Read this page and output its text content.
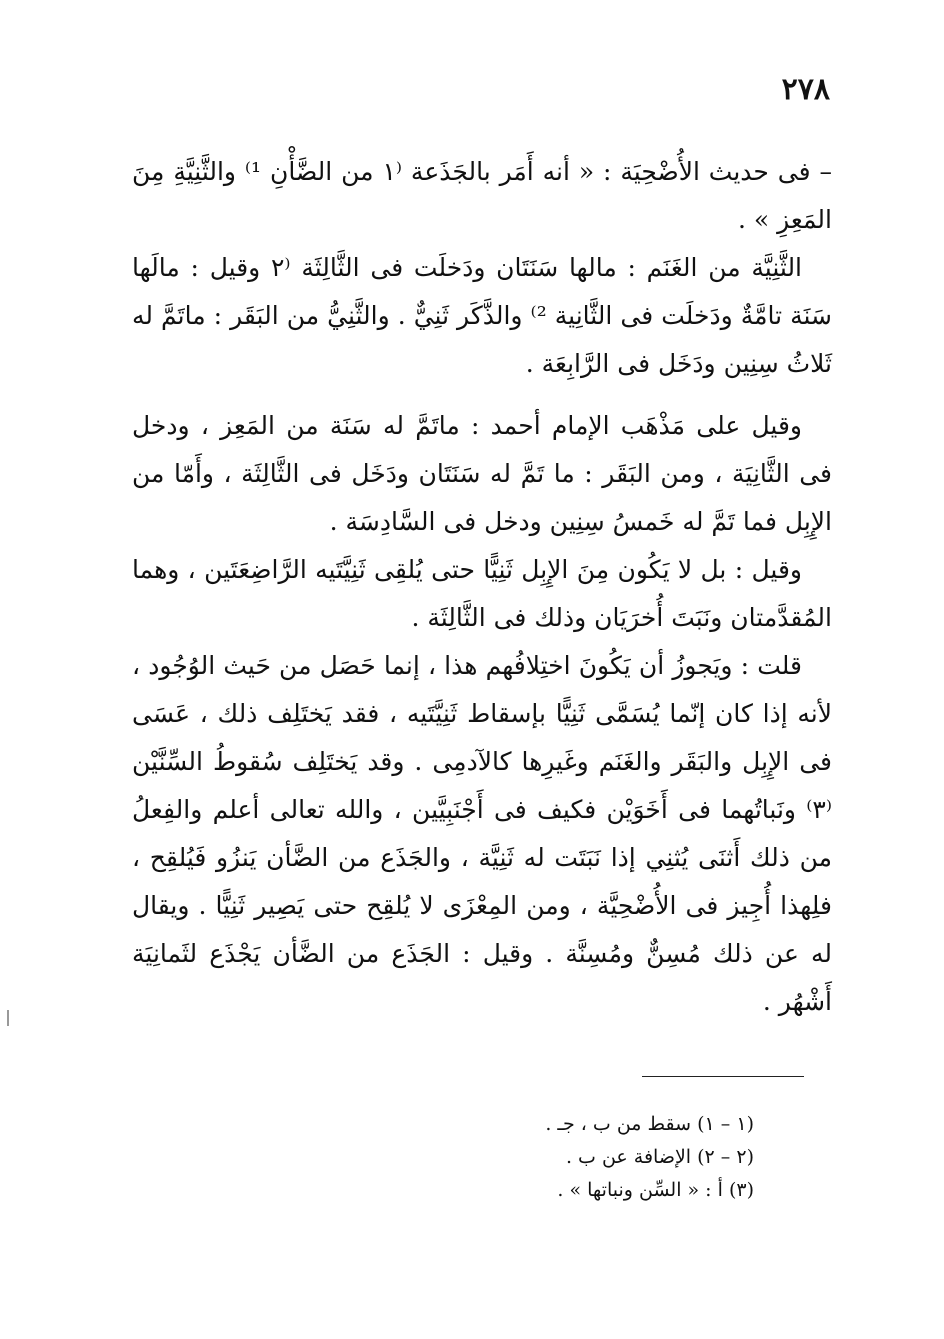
٢٧٨

– فى حديث الأُضْحِيَة : « أنه أَمَر بالجَذَعة ⁽١ من الضَّأْنِ ¹⁾ والثَّنِيَّةِ مِنَ المَعِزِ » .

الثَّنِيَّة من الغَنَم : مالها سَنَتَان ودَخلَت فى الثَّالِثَة ⁽٢ وقيل : مالَها سَنَة تامَّةٌ ودَخلَت فى الثَّانِية ²⁾ والذَّكَر ثَنِيٌّ . والثَّنِيُّ من البَقَر : ماتَمَّ له ثَلاثُ سِنِين ودَخَل فى الرَّابِعَة .

وقيل على مَذْهَب الإمام أحمد : ماتَمَّ له سَنَة من المَعِز ، ودخل فى الثَّانِيَة ، ومن البَقَر : ما تَمَّ له سَنَتَان ودَخَل فى الثَّالِثَة ، وأَمّا من الإِبِل فما تَمَّ له خَمسُ سِنِين ودخل فى السَّادِسَة .

وقيل : بل لا يَكُون مِنَ الإِبِل ثَنِيًّا حتى يُلقِى ثَنِيَّتَيه الرَّاضِعَتَين ، وهما المُقدَّمتان ونَبَتَ أُخرَيَان وذلك فى الثَّالِثَة .

قلت : ويَجوزُ أن يَكُونَ اختِلافُهم هذا ، إنما حَصَل من حَيث الوُجُود ، لأنه إذا كان إنّما يُسَمَّى ثَنِيًّا بإسقاط ثَنِيَّتَيه ، فقد يَختَلِف ذلك ، عَسَى فى الإِبِل والبَقَر والغَنَم وغَيرِها كالآدمِى . وقد يَختَلِف سُقوطُ السِّنَّيْن ⁽٣⁾ ونَباتُهما فى أَخَوَيْن فكيف فى أَجْنَبِيَّين ، والله تعالى أعلم والفِعلُ من ذلك أَثنَى يُثنِي إذا نَبَتَت له ثَنِيَّة ، والجَذَع من الضَّأن يَنزُو فَيُلقِح ، فلِهذا أُجِيز فى الأُضْحِيَّة ، ومن المِعْزَى لا يُلقِح حتى يَصِير ثَنِيًّا . ويقال له عن ذلك مُسِنٌّ ومُسِنَّة . وقيل : الجَذَع من الضَّأن يَجْذَع لثَمانِيَة أَشْهُر .

(١ – ١) سقط من ب ، جـ .

(٢ – ٢) الإضافة عن ب .

(٣) أ : « السِّن ونباتها » .
